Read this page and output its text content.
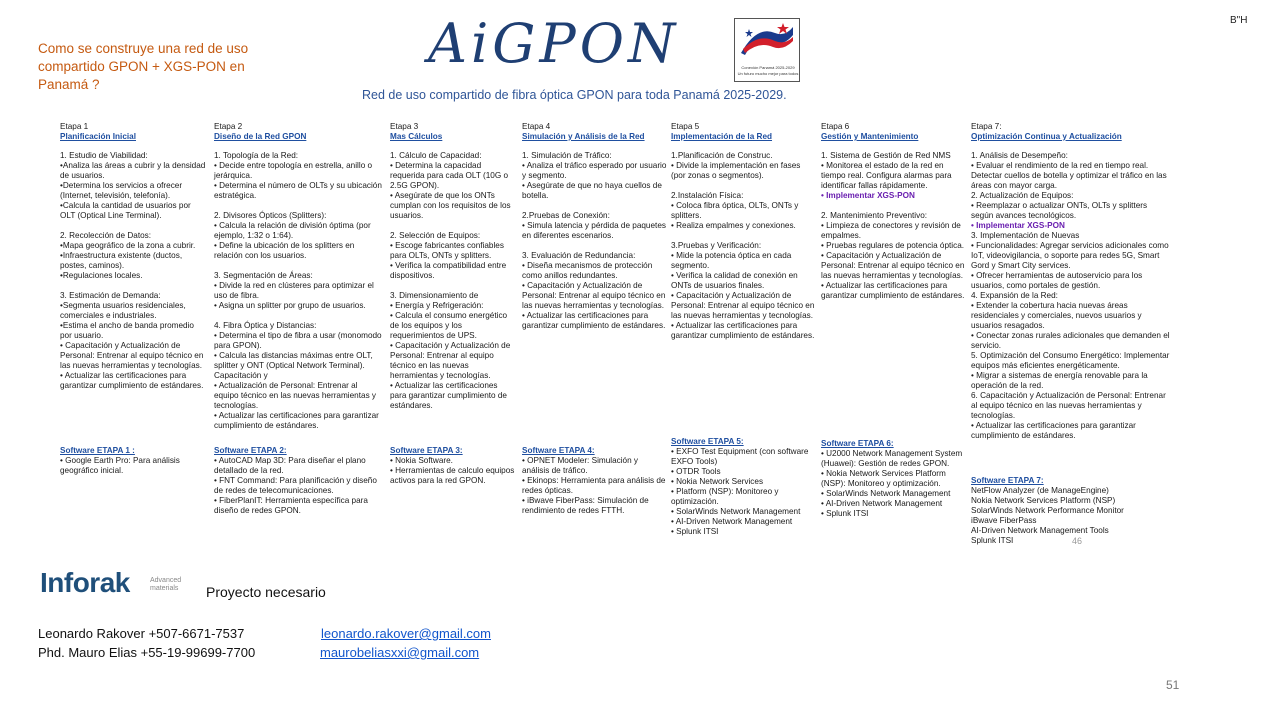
Como se construye una red de uso compartido GPON + XGS-PON en Panamá ?
B"H
AiGPON	Conexión Panamá 2025-2029
Un futuro mucho mejor para todos
Red de uso compartido de fibra óptica GPON para toda Panamá 2025-2029.
Etapa 1
Planificación Inicial
1. Estudio de Viabilidad:
•Analiza las áreas a cubrir y la densidad de usuarios.
•Determina los servicios a ofrecer (Internet, televisión, telefonía).
•Calcula la cantidad de usuarios por OLT (Optical Line Terminal).

2. Recolección de Datos:
•Mapa geográfico de la zona a cubrir.
•Infraestructura existente (ductos, postes, caminos).
•Regulaciones locales.

3. Estimación de Demanda:
•Segmenta usuarios residenciales, comerciales e industriales.
•Estima el ancho de banda promedio por usuario.
• Capacitación y Actualización de Personal: Entrenar al equipo técnico en las nuevas herramientas y tecnologías.
• Actualizar las certificaciones para garantizar cumplimiento de estándares.
Etapa 2
Diseño de la Red GPON
1. Topología de la Red:
• Decide entre topología en estrella, anillo o jerárquica.
• Determina el número de OLTs y su ubicación estratégica.

2. Divisores Ópticos (Splitters):
• Calcula la relación de división óptima (por ejemplo, 1:32 o 1:64).
• Define la ubicación de los splitters en relación con los usuarios.

3. Segmentación de Áreas:
• Divide la red en clústeres para optimizar el uso de fibra.
• Asigna un splitter por grupo de usuarios.

4. Fibra Óptica y Distancias:
• Determina el tipo de fibra a usar (monomodo para GPON).
• Calcula las distancias máximas entre OLT, splitter y ONT (Optical Network Terminal). Capacitación y
• Actualización de Personal: Entrenar al equipo técnico en las nuevas herramientas y tecnologías.
• Actualizar las certificaciones para garantizar cumplimiento de estándares.
Etapa 3
Mas Cálculos
1. Cálculo de Capacidad:
• Determina la capacidad requerida para cada OLT (10G o 2.5G GPON).
• Asegúrate de que los ONTs cumplan con los requisitos de los usuarios.

2. Selección de Equipos:
• Escoge fabricantes confiables para OLTs, ONTs y splitters.
• Verifica la compatibilidad entre dispositivos.

3. Dimensionamiento de
• Energía y Refrigeración:
• Calcula el consumo energético de los equipos y los requerimientos de UPS.
• Capacitación y Actualización de Personal: Entrenar al equipo técnico en las nuevas herramientas y tecnologías.
• Actualizar las certificaciones para garantizar cumplimiento de estándares.
Etapa 4
Simulación y Análisis de la Red
1. Simulación de Tráfico:
• Analiza el tráfico esperado por usuario y segmento.
• Asegúrate de que no haya cuellos de botella.

2.Pruebas de Conexión:
• Simula latencia y pérdida de paquetes en diferentes escenarios.

3. Evaluación de Redundancia:
• Diseña mecanismos de protección como anillos redundantes.
• Capacitación y Actualización de Personal: Entrenar al equipo técnico en las nuevas herramientas y tecnologías.
• Actualizar las certificaciones para garantizar cumplimiento de estándares.
Etapa 5
Implementación de la Red
1.Planificación de Construc.
• Divide la implementación en fases (por zonas o segmentos).

2.Instalación Física:
• Coloca fibra óptica, OLTs, ONTs y splitters.
• Realiza empalmes y conexiones.

3.Pruebas y Verificación:
• Mide la potencia óptica en cada segmento.
• Verifica la calidad de conexión en ONTs de usuarios finales.
• Capacitación y Actualización de Personal: Entrenar al equipo técnico en las nuevas herramientas y tecnologías.
• Actualizar las certificaciones para garantizar cumplimiento de estándares.
Etapa 6
Gestión y Mantenimiento
1. Sistema de Gestión de Red NMS
• Monitorea el estado de la red en tiempo real. Configura alarmas para identificar fallas rápidamente.
• Implementar XGS-PON

2. Mantenimiento Preventivo:
• Limpieza de conectores y revisión de empalmes.
• Pruebas regulares de potencia óptica.
• Capacitación y Actualización de Personal: Entrenar al equipo técnico en las nuevas herramientas y tecnologías.
• Actualizar las certificaciones para garantizar cumplimiento de estándares.
Etapa 7:
Optimización Continua y Actualización
1. Análisis de Desempeño:
• Evaluar el rendimiento de la red en tiempo real. Detectar cuellos de botella y optimizar el tráfico en las áreas con mayor carga.
2. Actualización de Equipos:
• Reemplazar o actualizar ONTs, OLTs y splitters según avances tecnológicos.
• Implementar XGS-PON
3. Implementación de Nuevas
• Funcionalidades: Agregar servicios adicionales como IoT, videovigilancia, o soporte para redes 5G, Smart Gord y Smart City services.
• Ofrecer herramientas de autoservicio para los usuarios, como portales de gestión.
4. Expansión de la Red:
• Extender la cobertura hacia nuevas áreas residenciales y comerciales, nuevos usuarios y usuarios resagados.
• Conectar zonas rurales adicionales que demanden el servicio.
5. Optimización del Consumo Energético: Implementar equipos más eficientes energéticamente.
• Migrar a sistemas de energía renovable para la operación de la red.
6. Capacitación y Actualización de Personal: Entrenar al equipo técnico en las nuevas herramientas y tecnologías.
• Actualizar las certificaciones para garantizar cumplimiento de estándares.
Software ETAPA 1 :
• Google Earth Pro: Para análisis geográfico inicial.
Software ETAPA 2:
• AutoCAD Map 3D: Para diseñar el plano detallado de la red.
• FNT Command: Para planificación y diseño de redes de telecomunicaciones.
• FiberPlanIT: Herramienta específica para diseño de redes GPON.
Software ETAPA 3:
• Nokia Software.
• Herramientas de calculo equipos activos para la red GPON.
Software ETAPA 4:
• OPNET Modeler: Simulación y análisis de tráfico.
• Ekinops: Herramienta para análisis de redes ópticas.
• iBwave FiberPass: Simulación de rendimiento de redes FTTH.
Software ETAPA 5:
• EXFO Test Equipment (con software EXFO Tools)
• OTDR Tools
• Nokia Network Services
• Platform (NSP): Monitoreo y optimización.
• SolarWinds Network Management
• AI-Driven Network Management
• Splunk ITSI
Software ETAPA 6:
• U2000 Network Management System (Huawei): Gestión de redes GPON.
• Nokia Network Services Platform (NSP): Monitoreo y optimización.
• SolarWinds Network Management
• AI-Driven Network Management
• Splunk ITSI
Software ETAPA 7:
NetFlow Analyzer (de ManageEngine)
Nokia Network Services Platform (NSP)
SolarWinds Network Performance Monitor
iBwave FiberPass
AI-Driven Network Management Tools
Splunk ITSI	46
Inforak	Advanced materials	Proyecto necesario
Leonardo Rakover +507-6671-7537	leonardo.rakover@gmail.com
Phd. Mauro Elias +55-19-99699-7700	maurobeliasxxi@gmail.com
51
